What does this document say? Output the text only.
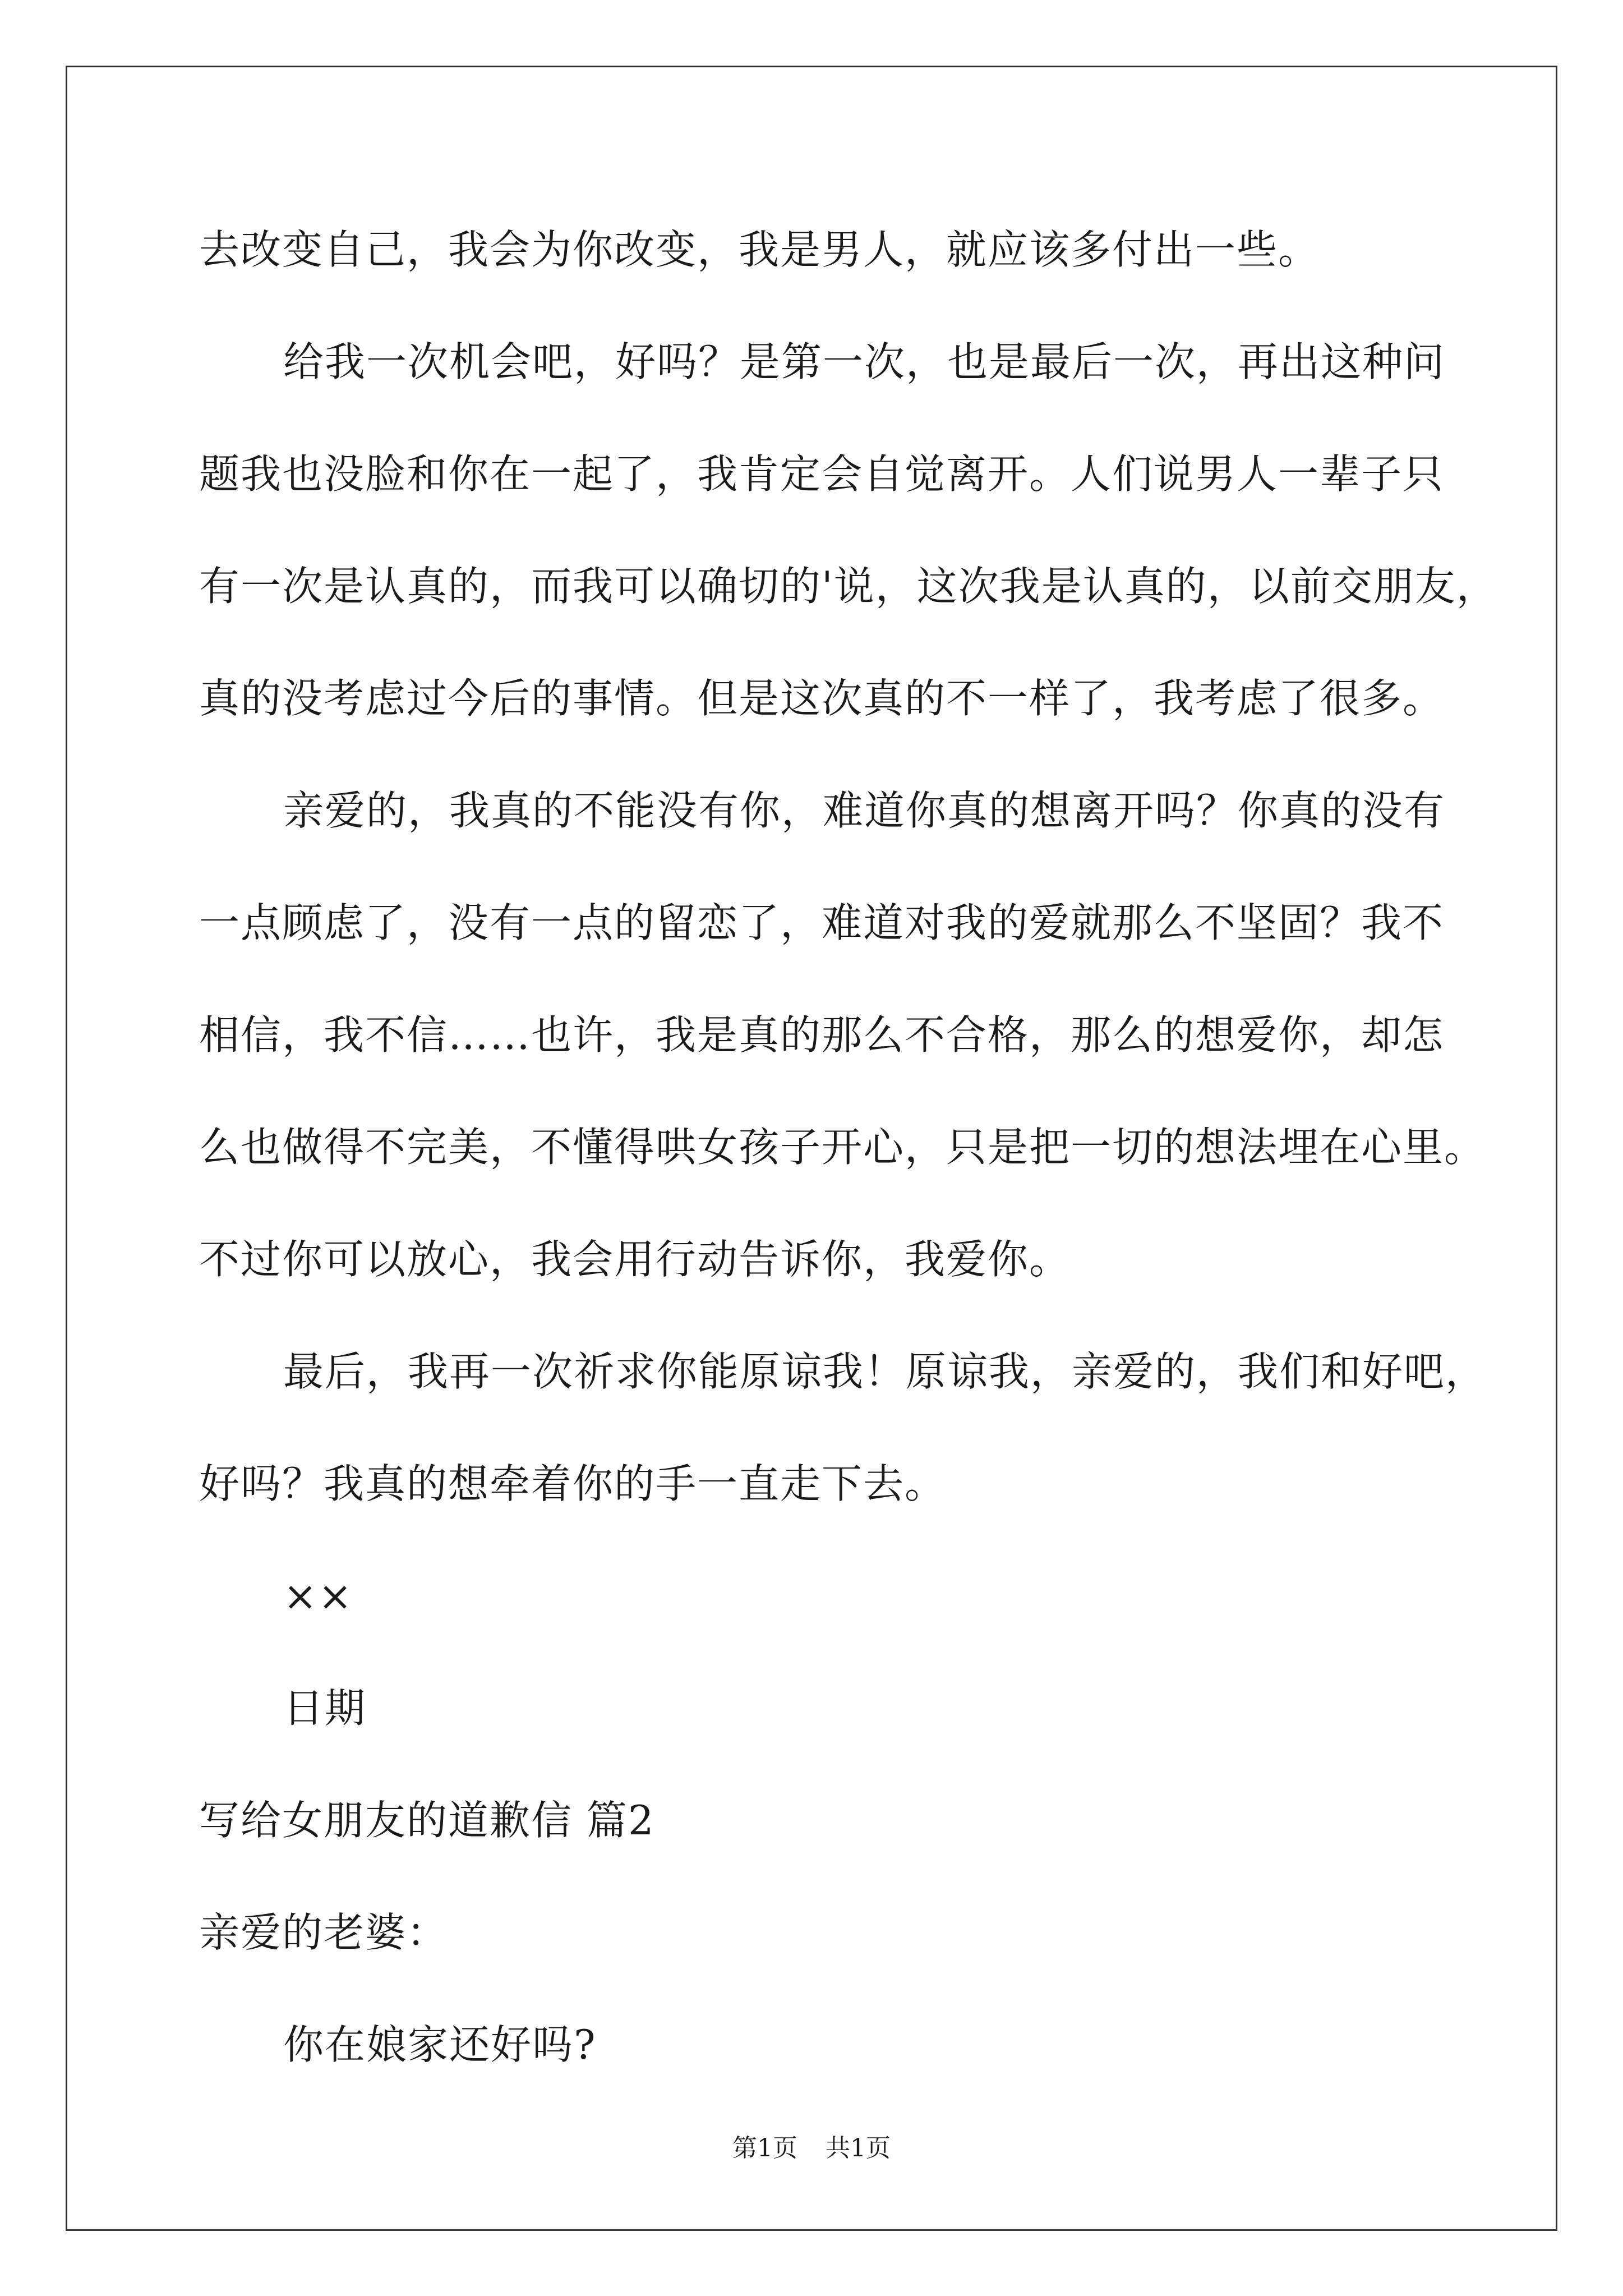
去改变自己，我会为你改变，我是男人，就应该多付出一些。
给我一次机会吧，好吗？是第一次，也是最后一次，再出这种问
题我也没脸和你在一起了，我肯定会自觉离开。人们说男人一辈子只
有一次是认真的，而我可以确切的'说，这次我是认真的，以前交朋友，
真的没考虑过今后的事情。但是这次真的不一样了，我考虑了很多。
亲爱的，我真的不能没有你，难道你真的想离开吗？你真的没有
一点顾虑了，没有一点的留恋了，难道对我的爱就那么不坚固？我不
相信，我不信……也许，我是真的那么不合格，那么的想爱你，却怎
么也做得不完美，不懂得哄女孩子开心，只是把一切的想法埋在心里。
不过你可以放心，我会用行动告诉你，我爱你。
最后，我再一次祈求你能原谅我！原谅我，亲爱的，我们和好吧，
好吗？我真的想牵着你的手一直走下去。
××
日期
写给女朋友的道歉信 篇2
亲爱的老婆：
你在娘家还好吗?
第1页 共1页
